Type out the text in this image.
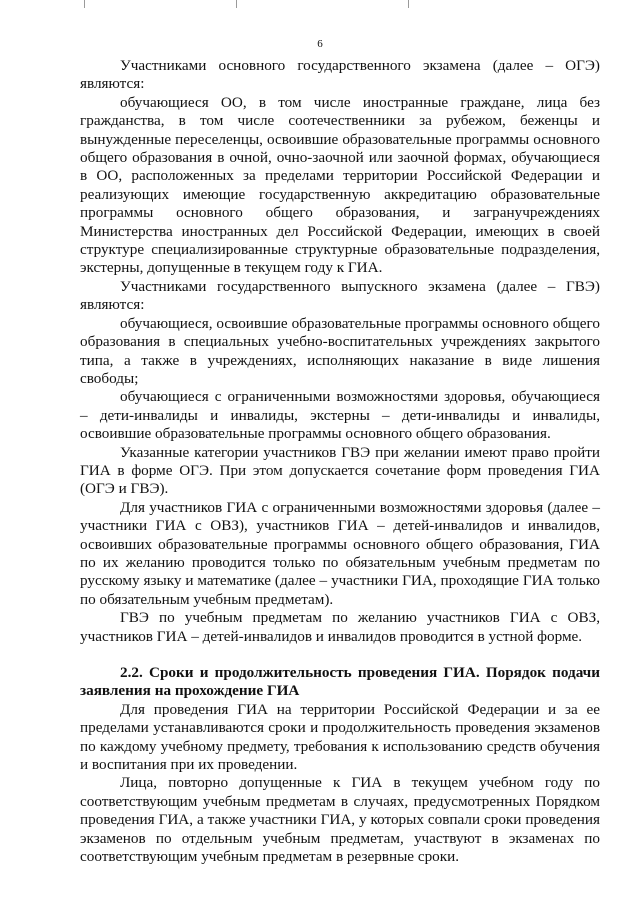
6

Участниками основного государственного экзамена (далее – ОГЭ) являются:

обучающиеся ОО, в том числе иностранные граждане, лица без гражданства, в том числе соотечественники за рубежом, беженцы и вынужденные переселенцы, освоившие образовательные программы основного общего образования в очной, очно-заочной или заочной формах, обучающиеся в ОО, расположенных за пределами территории Российской Федерации и реализующих имеющие государственную аккредитацию образовательные программы основного общего образования, и загранучреждениях Министерства иностранных дел Российской Федерации, имеющих в своей структуре специализированные структурные образовательные подразделения, экстерны, допущенные в текущем году к ГИА.

Участниками государственного выпускного экзамена (далее – ГВЭ) являются:

обучающиеся, освоившие образовательные программы основного общего образования в специальных учебно-воспитательных учреждениях закрытого типа, а также в учреждениях, исполняющих наказание в виде лишения свободы;

обучающиеся с ограниченными возможностями здоровья, обучающиеся – дети-инвалиды и инвалиды, экстерны – дети-инвалиды и инвалиды, освоившие образовательные программы основного общего образования.

Указанные категории участников ГВЭ при желании имеют право пройти ГИА в форме ОГЭ. При этом допускается сочетание форм проведения ГИА (ОГЭ и ГВЭ).

Для участников ГИА с ограниченными возможностями здоровья (далее – участники ГИА с ОВЗ), участников ГИА – детей-инвалидов и инвалидов, освоивших образовательные программы основного общего образования, ГИА по их желанию проводится только по обязательным учебным предметам по русскому языку и математике (далее – участники ГИА, проходящие ГИА только по обязательным учебным предметам).

ГВЭ по учебным предметам по желанию участников ГИА с ОВЗ, участников ГИА – детей-инвалидов и инвалидов проводится в устной форме.

2.2. Сроки и продолжительность проведения ГИА. Порядок подачи заявления на прохождение ГИА

Для проведения ГИА на территории Российской Федерации и за ее пределами устанавливаются сроки и продолжительность проведения экзаменов по каждому учебному предмету, требования к использованию средств обучения и воспитания при их проведении.

Лица, повторно допущенные к ГИА в текущем учебном году по соответствующим учебным предметам в случаях, предусмотренных Порядком проведения ГИА, а также участники ГИА, у которых совпали сроки проведения экзаменов по отдельным учебным предметам, участвуют в экзаменах по соответствующим учебным предметам в резервные сроки.
